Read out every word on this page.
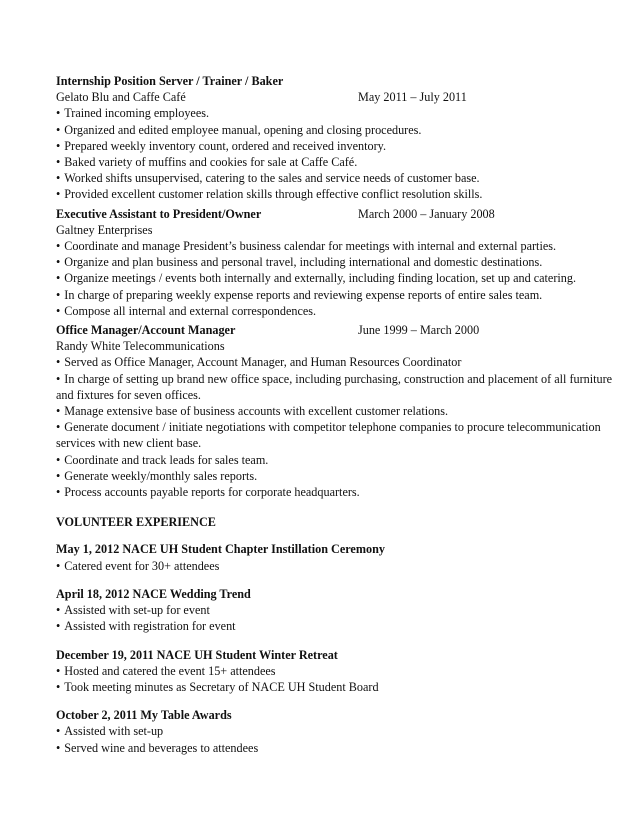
Internship Position Server / Trainer / Baker
Gelato Blu and Caffe Café	May 2011 – July 2011
• Trained incoming employees.
• Organized and edited employee manual, opening and closing procedures.
• Prepared weekly inventory count, ordered and received inventory.
• Baked variety of muffins and cookies for sale at Caffe Café.
• Worked shifts unsupervised, catering to the sales and service needs of customer base.
• Provided excellent customer relation skills through effective conflict resolution skills.
Executive Assistant to President/Owner	March 2000 – January 2008
Galtney Enterprises
• Coordinate and manage President’s business calendar for meetings with internal and external parties.
• Organize and plan business and personal travel, including international and domestic destinations.
• Organize meetings / events both internally and externally, including finding location, set up and catering.
• In charge of preparing weekly expense reports and reviewing expense reports of entire sales team.
• Compose all internal and external correspondences.
Office Manager/Account Manager	June 1999 – March 2000
Randy White Telecommunications
• Served as Office Manager, Account Manager, and Human Resources Coordinator
• In charge of setting up brand new office space, including purchasing, construction and placement of all furniture and fixtures for seven offices.
• Manage extensive base of business accounts with excellent customer relations.
• Generate document / initiate negotiations with competitor telephone companies to procure telecommunication services with new client base.
• Coordinate and track leads for sales team.
• Generate weekly/monthly sales reports.
• Process accounts payable reports for corporate headquarters.
VOLUNTEER EXPERIENCE
May 1, 2012 NACE UH Student Chapter Instillation Ceremony
• Catered event for 30+ attendees
April 18, 2012 NACE Wedding Trend
• Assisted with set-up for event
• Assisted with registration for event
December 19, 2011 NACE UH Student Winter Retreat
• Hosted and catered the event 15+ attendees
• Took meeting minutes as Secretary of NACE UH Student Board
October 2, 2011 My Table Awards
• Assisted with set-up
• Served wine and beverages to attendees
